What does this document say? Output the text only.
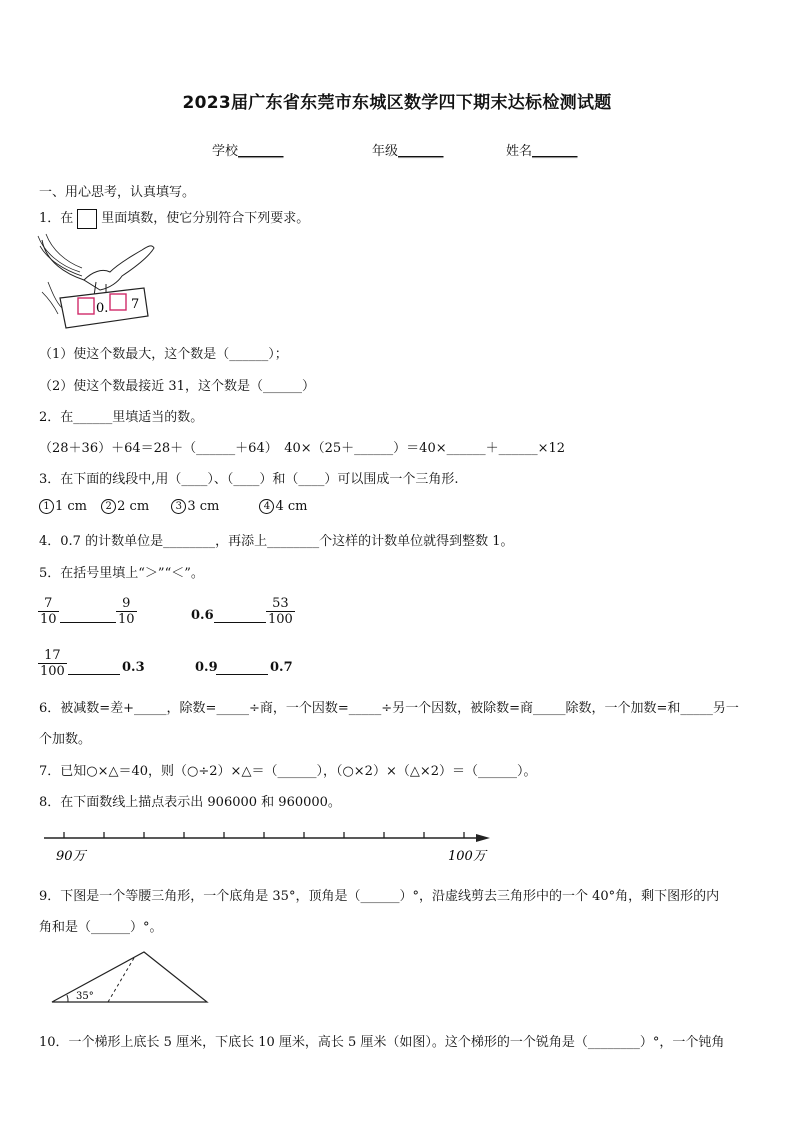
2023届广东省东莞市东城区数学四下期末达标检测试题
学校_______	年级_______	姓名_______
一、用心思考，认真填写。
1．在 里面填数，使它分别符合下列要求。
0. 7
（1）使这个数最大，这个数是（______）；
（2）使这个数最接近 31，这个数是（______）
2．在______里填适当的数。
（28＋36）＋64＝28＋（______＋64）　40×（25＋______）＝40×______＋______×12
3．在下面的线段中,用（____）、（____）和（____）可以围成一个三角形.
1 1 cm 2 2 cm	3 3 cm	4 4 cm
4．0.7 的计数单位是________，再添上________个这样的计数单位就得到整数 1。
5．在括号里填上“＞”“＜”。
$\frac{7}{10}$	$\frac{9}{10}$	0.6	$\frac{53}{100}$
$\frac{17}{100}$	0.3	0.9	0.7
6．被减数=差+_____，除数=_____÷商，一个因数=_____÷另一个因数，被除数=商_____除数，一个加数=和_____另一
个加数。
7．已知○×△＝40，则（○÷2）×△＝（______），（○×2）×（△×2）＝（______）。
8．在下面数线上描点表示出 906000 和 960000。
90万	100万
9．下图是一个等腰三角形，一个底角是 35°，顶角是（______）°，沿虚线剪去三角形中的一个 40°角，剩下图形的内
角和是（______）°。
35°
10．一个梯形上底长 5 厘米，下底长 10 厘米，高长 5 厘米（如图）。这个梯形的一个锐角是（________）°，一个钝角
